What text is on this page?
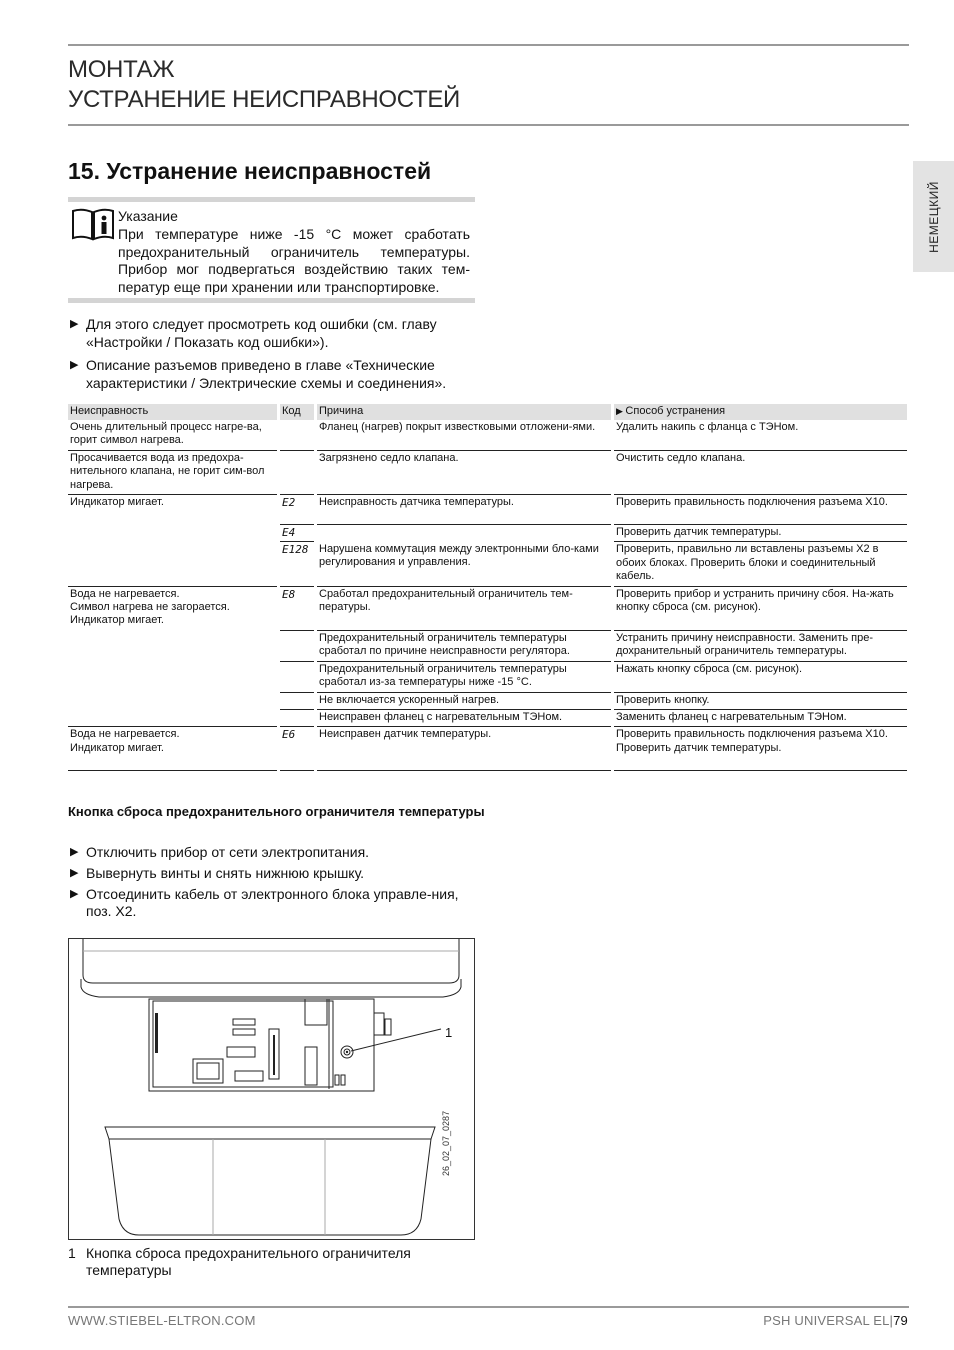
МОНТАЖ
УСТРАНЕНИЕ НЕИСПРАВНОСТЕЙ
НЕМЕЦКИЙ
15. Устранение неисправностей
Указание
При температуре ниже -15 °С может сработать предохранительный ограничитель температуры. Прибор мог подвергаться воздействию таких тем-ператур еще при хранении или транспортировке.
▶ Для этого следует просмотреть код ошибки (см. главу «Настройки / Показать код ошибки»).
▶ Описание разъемов приведено в главе «Технические характеристики / Электрические схемы и соединения».
Неисправность		Код		Причина		▶ Способ устранения
Очень длительный процесс нагре-ва, горит символ нагрева.				Фланец (нагрев) покрыт известковыми отложени-ями.		Удалить накипь с фланца с ТЭНом.
Просачивается вода из предохра-нительного клапана, не горит сим-вол нагрева.				Загрязнено седло клапана.		Очистить седло клапана.
Индикатор мигает.		E2		Неисправность датчика температуры.		Проверить правильность подключения разъема X10.
		E4				Проверить датчик температуры.
		E128		Нарушена коммутация между электронными бло-ками регулирования и управления.		Проверить, правильно ли вставлены разъемы X2 в обоих блоках. Проверить блоки и соединительный кабель.
Вода не нагревается.
Символ нагрева не загорается.
Индикатор мигает.		E8		Сработал предохранительный ограничитель тем-пературы.		Проверить прибор и устранить причину сбоя. На-жать кнопку сброса (см. рисунок).
				Предохранительный ограничитель температуры сработал по причине неисправности регулятора.		Устранить причину неисправности. Заменить пре-дохранительный ограничитель температуры.
				Предохранительный ограничитель температуры сработал из-за температуры ниже -15 °С.		Нажать кнопку сброса (см. рисунок).
				Не включается ускоренный нагрев.		Проверить кнопку.
				Неисправен фланец с нагревательным ТЭНом.		Заменить фланец с нагревательным ТЭНом.
Вода не нагревается.
Индикатор мигает.		E6		Неисправен датчик температуры.		Проверить правильность подключения разъема X10.
Проверить датчик температуры.
Кнопка сброса предохранительного ограничителя температуры
▶ Отключить прибор от сети электропитания.
▶ Вывернуть винты и снять нижнюю крышку.
▶ Отсоединить кабель от электронного блока управле-ния, поз. X2.
1
26_02_07_0287
1 Кнопка сброса предохранительного ограничителя температуры
WWW.STIEBEL-ELTRON.COM	PSH UNIVERSAL EL|79
